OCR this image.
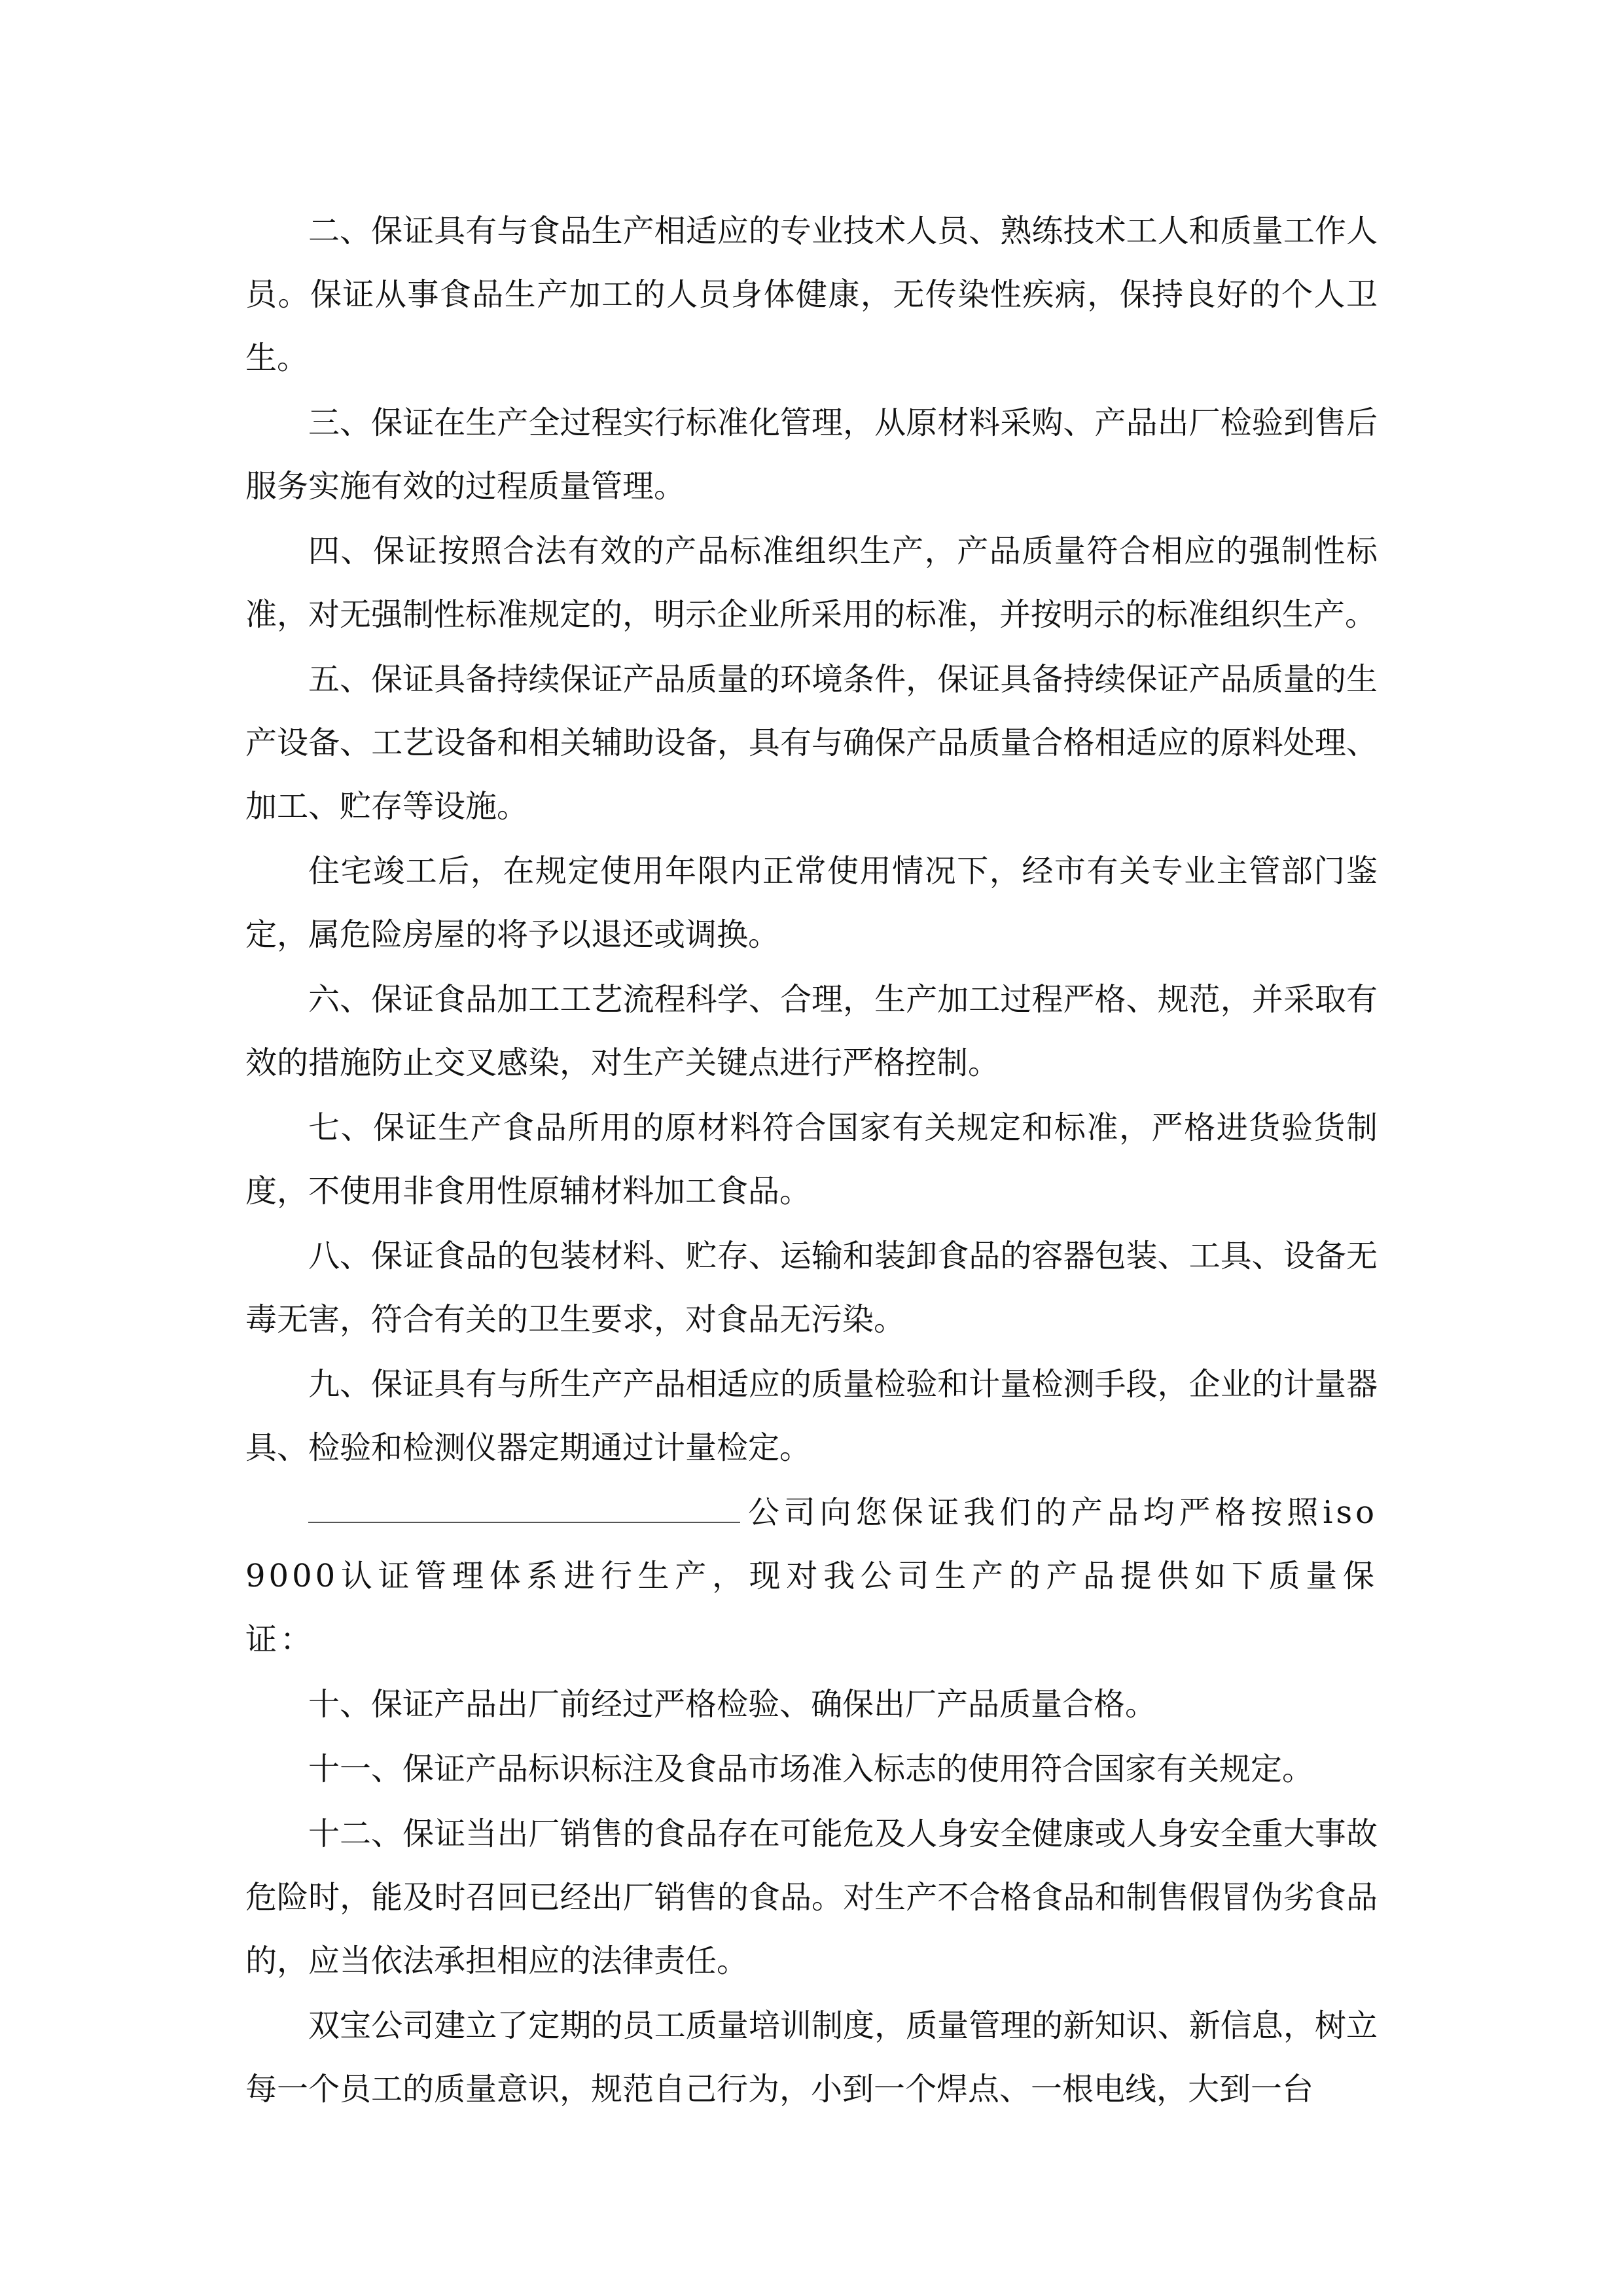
二、保证具有与食品生产相适应的专业技术人员、熟练技术工人和质量工作人员。保证从事食品生产加工的人员身体健康，无传染性疾病，保持良好的个人卫生。

三、保证在生产全过程实行标准化管理，从原材料采购、产品出厂检验到售后服务实施有效的过程质量管理。

四、保证按照合法有效的产品标准组织生产，产品质量符合相应的强制性标准，对无强制性标准规定的，明示企业所采用的标准，并按明示的标准组织生产。

五、保证具备持续保证产品质量的环境条件，保证具备持续保证产品质量的生产设备、工艺设备和相关辅助设备，具有与确保产品质量合格相适应的原料处理、加工、贮存等设施。

住宅竣工后，在规定使用年限内正常使用情况下，经市有关专业主管部门鉴定，属危险房屋的将予以退还或调换。

六、保证食品加工工艺流程科学、合理，生产加工过程严格、规范，并采取有效的措施防止交叉感染，对生产关键点进行严格控制。

七、保证生产食品所用的原材料符合国家有关规定和标准，严格进货验货制度，不使用非食用性原辅材料加工食品。

八、保证食品的包装材料、贮存、运输和装卸食品的容器包装、工具、设备无毒无害，符合有关的卫生要求，对食品无污染。

九、保证具有与所生产产品相适应的质量检验和计量检测手段，企业的计量器具、检验和检测仪器定期通过计量检定。

公司向您保证我们的产品均严格按照iso9000认证管理体系进行生产，现对我公司生产的产品提供如下质量保证：

十、保证产品出厂前经过严格检验、确保出厂产品质量合格。

十一、保证产品标识标注及食品市场准入标志的使用符合国家有关规定。

十二、保证当出厂销售的食品存在可能危及人身安全健康或人身安全重大事故危险时，能及时召回已经出厂销售的食品。对生产不合格食品和制售假冒伪劣食品的，应当依法承担相应的法律责任。

双宝公司建立了定期的员工质量培训制度，质量管理的新知识、新信息，树立每一个员工的质量意识，规范自己行为，小到一个焊点、一根电线，大到一台
